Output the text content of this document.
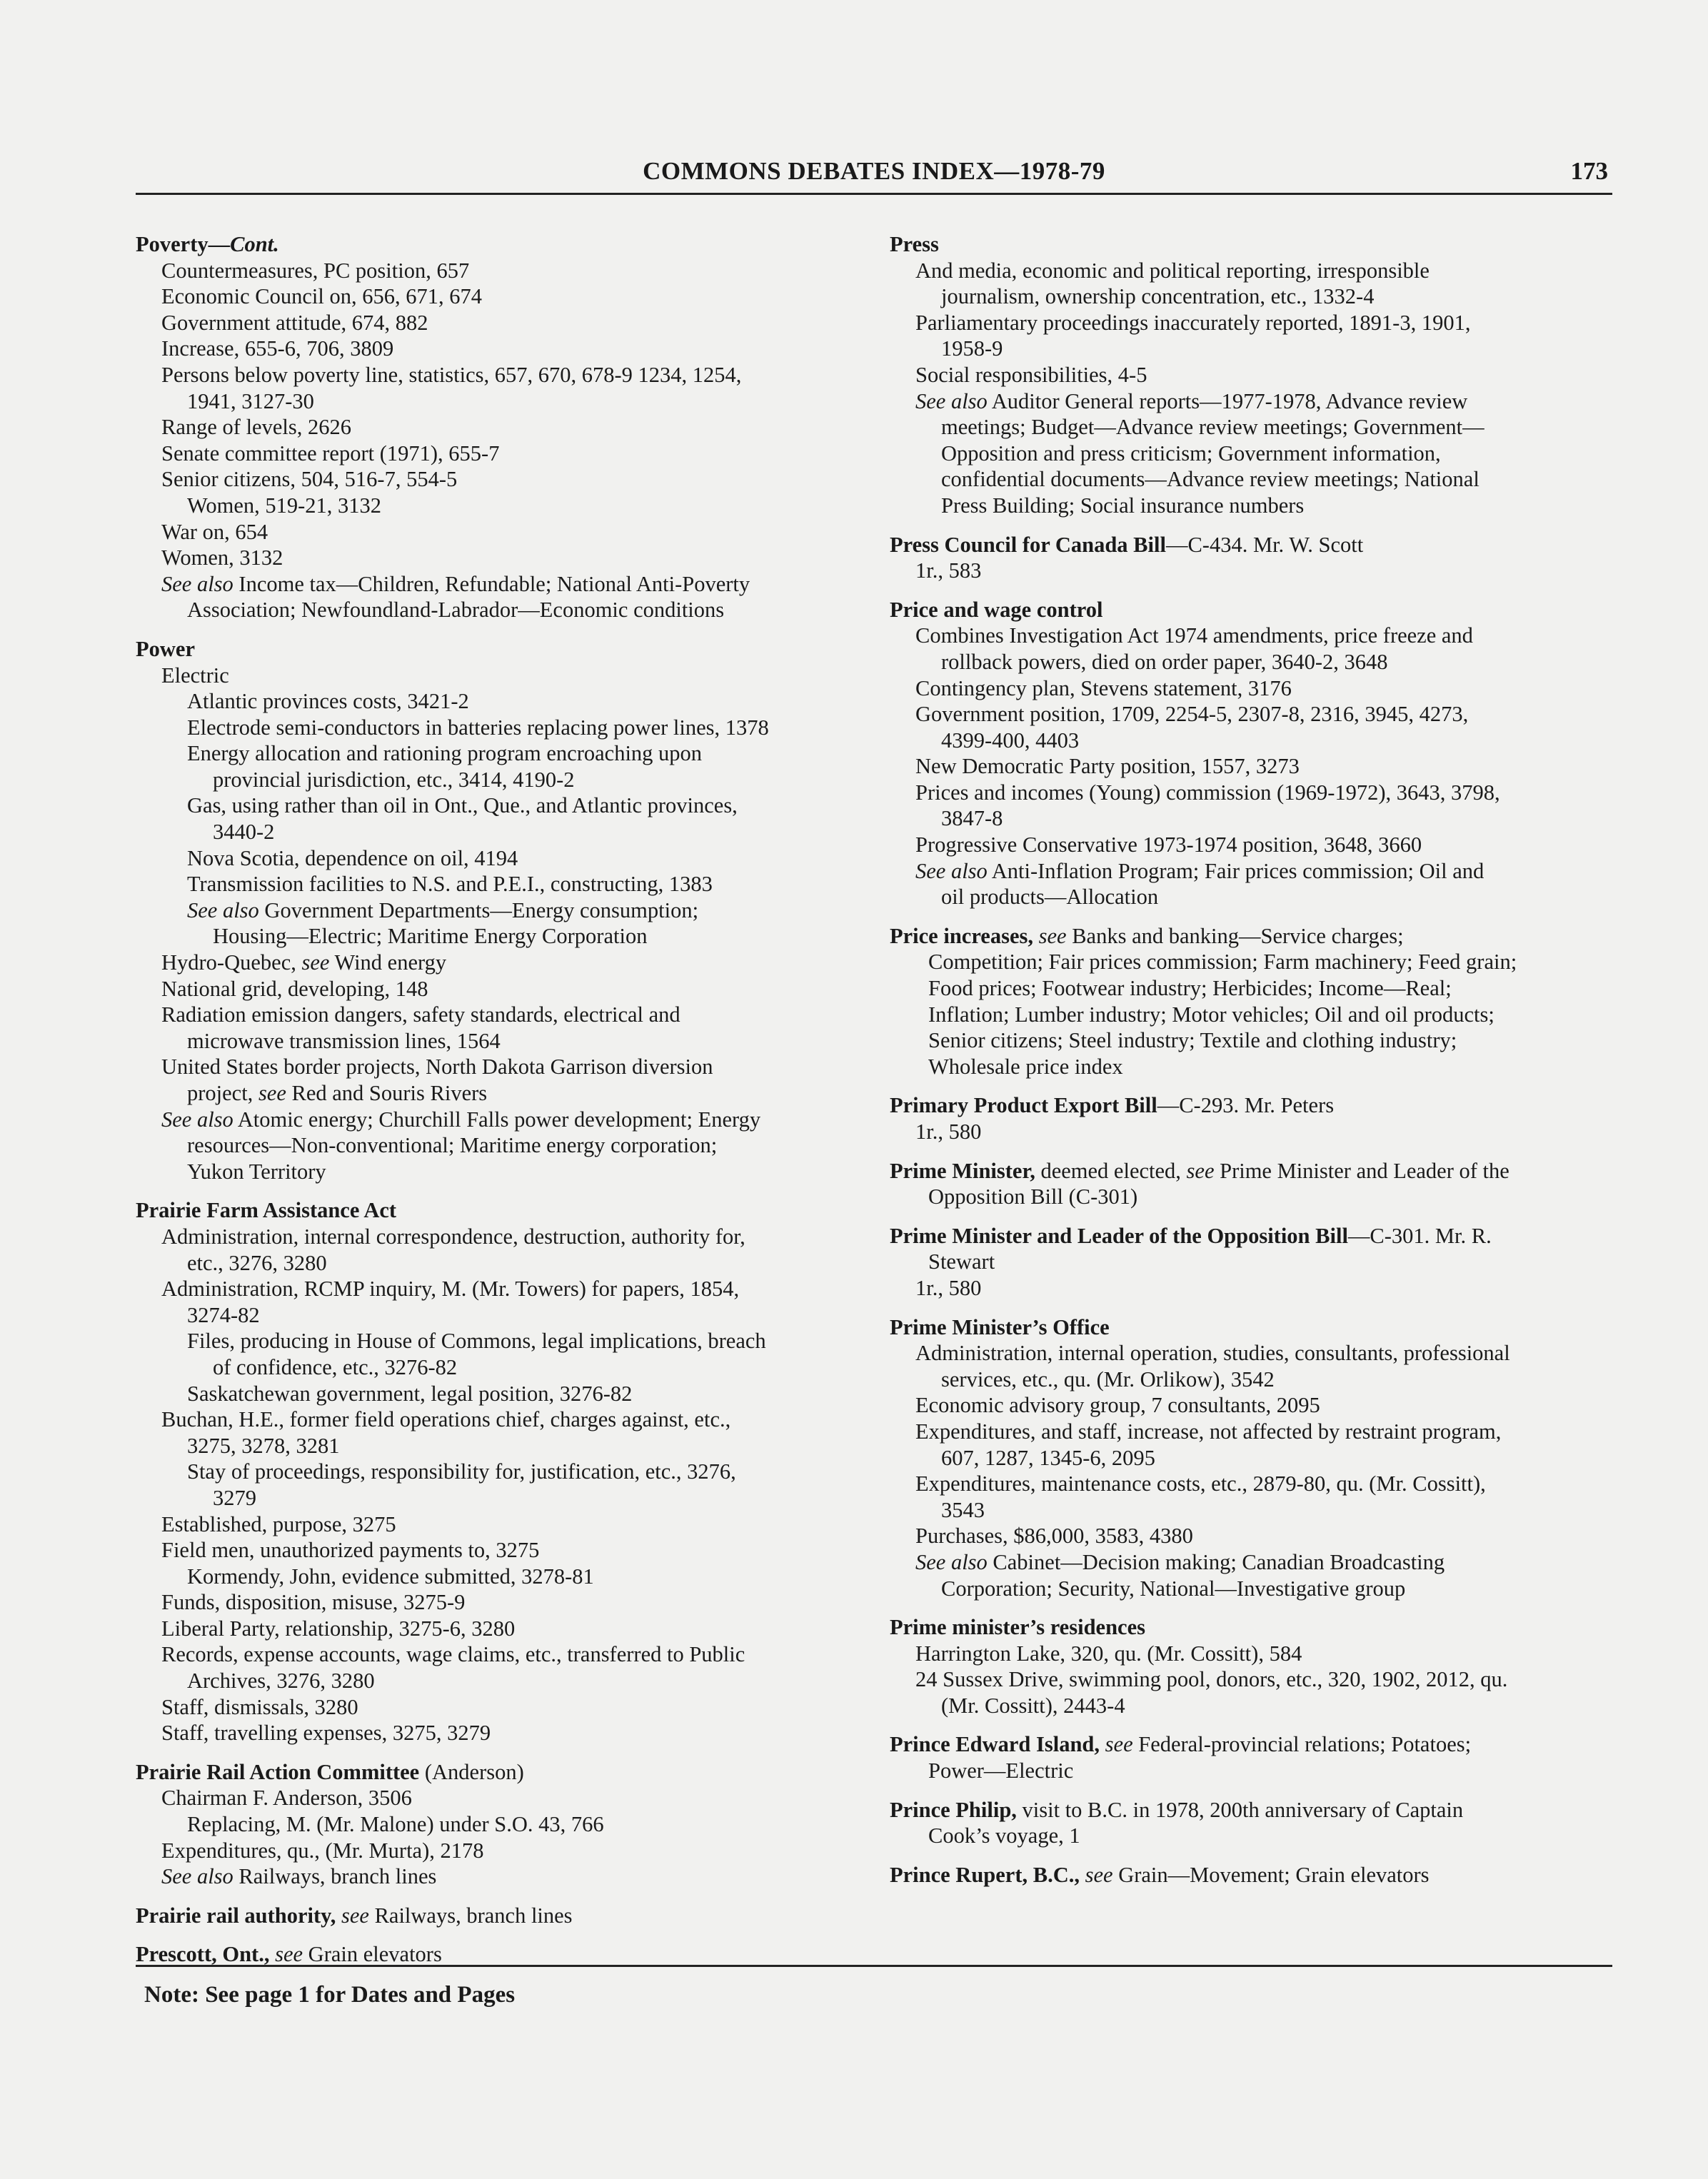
COMMONS DEBATES INDEX—1978-79	173
Poverty—Cont.
Countermeasures, PC position, 657
Economic Council on, 656, 671, 674
Government attitude, 674, 882
Increase, 655-6, 706, 3809
Persons below poverty line, statistics, 657, 670, 678-9 1234, 1254,
1941, 3127-30
Range of levels, 2626
Senate committee report (1971), 655-7
Senior citizens, 504, 516-7, 554-5
Women, 519-21, 3132
War on, 654
Women, 3132
See also Income tax—Children, Refundable; National Anti-Poverty
Association; Newfoundland-Labrador—Economic conditions
Power
Electric
Atlantic provinces costs, 3421-2
Electrode semi-conductors in batteries replacing power lines, 1378
Energy allocation and rationing program encroaching upon
provincial jurisdiction, etc., 3414, 4190-2
Gas, using rather than oil in Ont., Que., and Atlantic provinces,
3440-2
Nova Scotia, dependence on oil, 4194
Transmission facilities to N.S. and P.E.I., constructing, 1383
See also Government Departments—Energy consumption;
Housing—Electric; Maritime Energy Corporation
Hydro-Quebec, see Wind energy
National grid, developing, 148
Radiation emission dangers, safety standards, electrical and
microwave transmission lines, 1564
United States border projects, North Dakota Garrison diversion
project, see Red and Souris Rivers
See also Atomic energy; Churchill Falls power development; Energy
resources—Non-conventional; Maritime energy corporation;
Yukon Territory
Prairie Farm Assistance Act
Administration, internal correspondence, destruction, authority for,
etc., 3276, 3280
Administration, RCMP inquiry, M. (Mr. Towers) for papers, 1854,
3274-82
Files, producing in House of Commons, legal implications, breach
of confidence, etc., 3276-82
Saskatchewan government, legal position, 3276-82
Buchan, H.E., former field operations chief, charges against, etc.,
3275, 3278, 3281
Stay of proceedings, responsibility for, justification, etc., 3276,
3279
Established, purpose, 3275
Field men, unauthorized payments to, 3275
Kormendy, John, evidence submitted, 3278-81
Funds, disposition, misuse, 3275-9
Liberal Party, relationship, 3275-6, 3280
Records, expense accounts, wage claims, etc., transferred to Public
Archives, 3276, 3280
Staff, dismissals, 3280
Staff, travelling expenses, 3275, 3279
Prairie Rail Action Committee (Anderson)
Chairman F. Anderson, 3506
Replacing, M. (Mr. Malone) under S.O. 43, 766
Expenditures, qu., (Mr. Murta), 2178
See also Railways, branch lines
Prairie rail authority, see Railways, branch lines
Prescott, Ont., see Grain elevators
Press
And media, economic and political reporting, irresponsible
journalism, ownership concentration, etc., 1332-4
Parliamentary proceedings inaccurately reported, 1891-3, 1901,
1958-9
Social responsibilities, 4-5
See also Auditor General reports—1977-1978, Advance review
meetings; Budget—Advance review meetings; Government—
Opposition and press criticism; Government information,
confidential documents—Advance review meetings; National
Press Building; Social insurance numbers
Press Council for Canada Bill—C-434. Mr. W. Scott
1r., 583
Price and wage control
Combines Investigation Act 1974 amendments, price freeze and
rollback powers, died on order paper, 3640-2, 3648
Contingency plan, Stevens statement, 3176
Government position, 1709, 2254-5, 2307-8, 2316, 3945, 4273,
4399-400, 4403
New Democratic Party position, 1557, 3273
Prices and incomes (Young) commission (1969-1972), 3643, 3798,
3847-8
Progressive Conservative 1973-1974 position, 3648, 3660
See also Anti-Inflation Program; Fair prices commission; Oil and
oil products—Allocation
Price increases, see Banks and banking—Service charges;
Competition; Fair prices commission; Farm machinery; Feed grain;
Food prices; Footwear industry; Herbicides; Income—Real;
Inflation; Lumber industry; Motor vehicles; Oil and oil products;
Senior citizens; Steel industry; Textile and clothing industry;
Wholesale price index
Primary Product Export Bill—C-293. Mr. Peters
1r., 580
Prime Minister, deemed elected, see Prime Minister and Leader of the
Opposition Bill (C-301)
Prime Minister and Leader of the Opposition Bill—C-301. Mr. R.
Stewart
1r., 580
Prime Minister’s Office
Administration, internal operation, studies, consultants, professional
services, etc., qu. (Mr. Orlikow), 3542
Economic advisory group, 7 consultants, 2095
Expenditures, and staff, increase, not affected by restraint program,
607, 1287, 1345-6, 2095
Expenditures, maintenance costs, etc., 2879-80, qu. (Mr. Cossitt),
3543
Purchases, $86,000, 3583, 4380
See also Cabinet—Decision making; Canadian Broadcasting
Corporation; Security, National—Investigative group
Prime minister’s residences
Harrington Lake, 320, qu. (Mr. Cossitt), 584
24 Sussex Drive, swimming pool, donors, etc., 320, 1902, 2012, qu.
(Mr. Cossitt), 2443-4
Prince Edward Island, see Federal-provincial relations; Potatoes;
Power—Electric
Prince Philip, visit to B.C. in 1978, 200th anniversary of Captain
Cook’s voyage, 1
Prince Rupert, B.C., see Grain—Movement; Grain elevators
Note: See page 1 for Dates and Pages
